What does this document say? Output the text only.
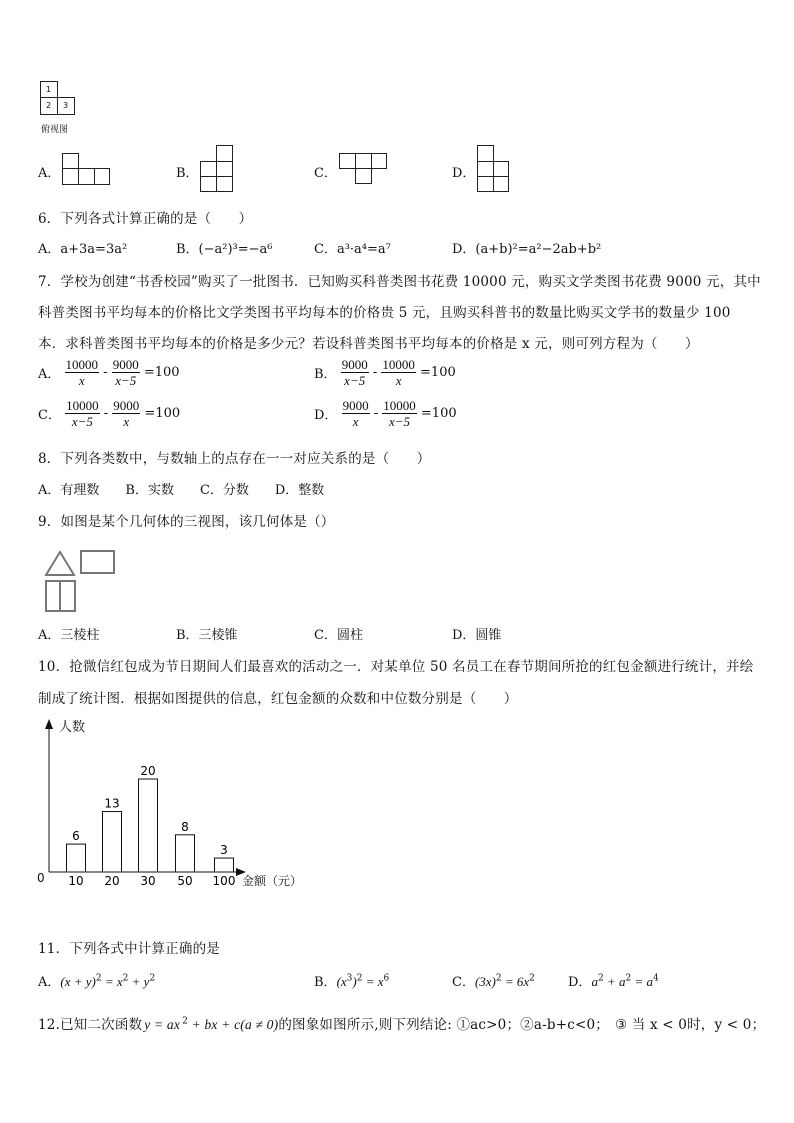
1
2 3
俯视图
A．	B．	C．	D．
6．下列各式计算正确的是（　　）
A．a+3a=3a²	B．(−a²)³=−a⁶	C．a³·a⁴=a⁷	D．(a+b)²=a²−2ab+b²
7．学校为创建“书香校园”购买了一批图书．已知购买科普类图书花费 10000 元，购买文学类图书花费 9000 元，其中
科普类图书平均每本的价格比文学类图书平均每本的价格贵 5 元，且购买科普书的数量比购买文学书的数量少 100
本．求科普类图书平均每本的价格是多少元？若设科普类图书平均每本的价格是 x 元，则可列方程为（　　）
A． $\frac{10000}{x} - \frac{9000}{x-5} =100$	B． $\frac{9000}{x-5} - \frac{10000}{x} =100$
C． $\frac{10000}{x-5} - \frac{9000}{x} =100$	D． $\frac{9000}{x} - \frac{10000}{x-5} =100$
8．下列各类数中，与数轴上的点存在一一对应关系的是（　　）
A．有理数　　B．实数　　C．分数　　D．整数
9．如图是某个几何体的三视图，该几何体是（）
A．三棱柱	B．三棱锥	C．圆柱	D．圆锥
10．抢微信红包成为节日期间人们最喜欢的活动之一．对某单位 50 名员工在春节期间所抢的红包金额进行统计，并绘
制成了统计图．根据如图提供的信息，红包金额的众数和中位数分别是（　　）
人数
金额（元）
0
6
10
13
20
20
30
8
50
3
100
11．下列各式中计算正确的是
A．$(x + y)^2 = x^2 + y^2$	B．$(x^3)^2 = x^6$	C．$(3x)^2 = 6x^2$	D．$a^2 + a^2 = a^4$
12.已知二次函数 y = ax $^2$ + bx + c(a ≠ 0)的图象如图所示,则下列结论: ①ac>0；②a-b+c<0； ③ 当 x < 0时，y < 0；
